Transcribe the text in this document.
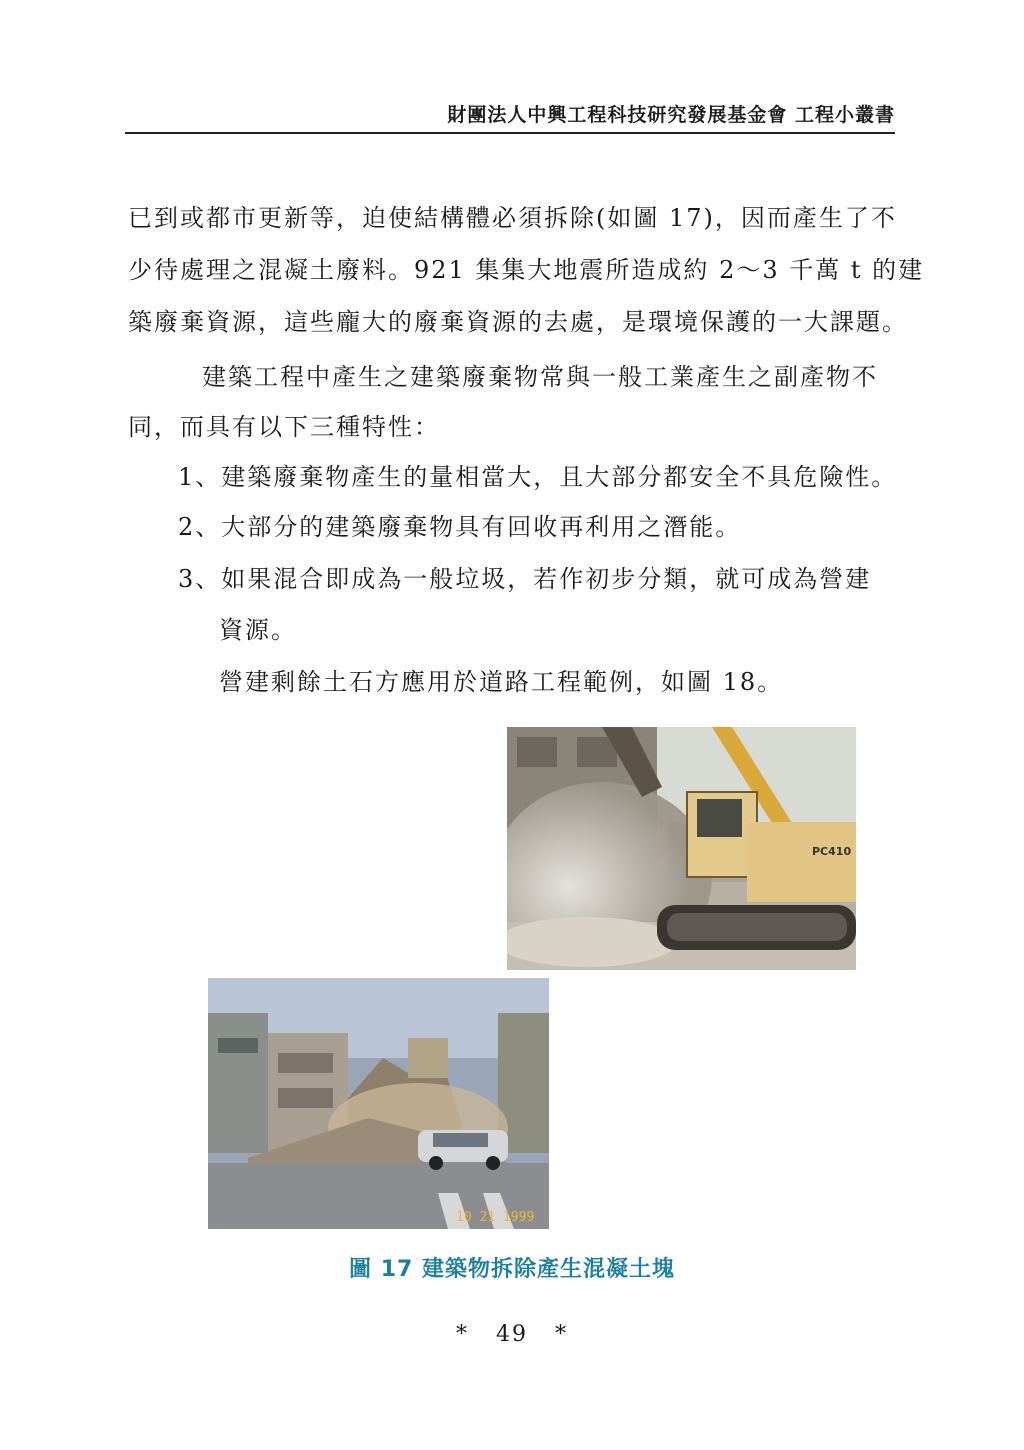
財團法人中興工程科技研究發展基金會 工程小叢書
已到或都市更新等，迫使結構體必須拆除(如圖 17)，因而產生了不
少待處理之混凝土廢料。921 集集大地震所造成約 2～3 千萬 t 的建
築廢棄資源，這些龐大的廢棄資源的去處，是環境保護的一大課題。
建築工程中產生之建築廢棄物常與一般工業產生之副產物不
同，而具有以下三種特性：
1、建築廢棄物產生的量相當大，且大部分都安全不具危險性。
2、大部分的建築廢棄物具有回收再利用之潛能。
3、如果混合即成為一般垃圾，若作初步分類，就可成為營建
資源。
營建剩餘土石方應用於道路工程範例，如圖 18。
PC410
10 21 1999
圖 17 建築物拆除產生混凝土塊
* 49 *
